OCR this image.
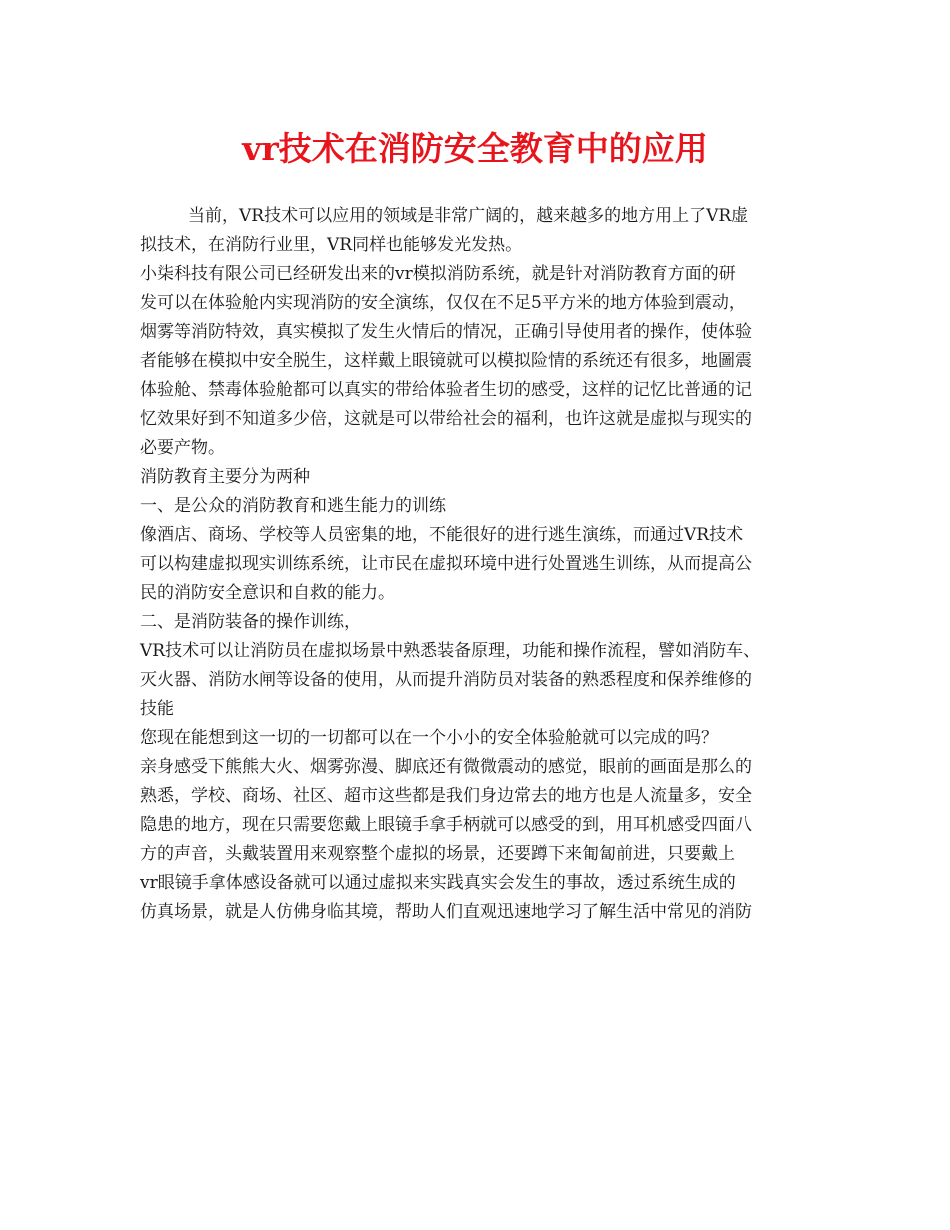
vr技术在消防安全教育中的应用
当前，VR技术可以应用的领域是非常广阔的，越来越多的地方用上了VR虚
拟技术，在消防行业里，VR同样也能够发光发热。
小柒科技有限公司已经研发出来的vr模拟消防系统，就是针对消防教育方面的研
发可以在体验舱内实现消防的安全演练，仅仅在不足5平方米的地方体验到震动，
烟雾等消防特效，真实模拟了发生火情后的情况，正确引导使用者的操作，使体验
者能够在模拟中安全脱生，这样戴上眼镜就可以模拟险情的系统还有很多，地圖震
体验舱、禁毒体验舱都可以真实的带给体验者生切的感受，这样的记忆比普通的记
忆效果好到不知道多少倍，这就是可以带给社会的福利，也许这就是虚拟与现实的
必要产物。
消防教育主要分为两种
一、是公众的消防教育和逃生能力的训练
像酒店、商场、学校等人员密集的地，不能很好的进行逃生演练，而通过VR技术
可以构建虚拟现实训练系统，让市民在虚拟环境中进行处置逃生训练，从而提高公
民的消防安全意识和自救的能力。
二、是消防装备的操作训练，
VR技术可以让消防员在虚拟场景中熟悉装备原理，功能和操作流程，譬如消防车、
灭火器、消防水闸等设备的使用，从而提升消防员对装备的熟悉程度和保养维修的
技能
您现在能想到这一切的一切都可以在一个小小的安全体验舱就可以完成的吗？
亲身感受下熊熊大火、烟雾弥漫、脚底还有微微震动的感觉，眼前的画面是那么的
熟悉，学校、商场、社区、超市这些都是我们身边常去的地方也是人流量多，安全
隐患的地方，现在只需要您戴上眼镜手拿手柄就可以感受的到，用耳机感受四面八
方的声音，头戴装置用来观察整个虚拟的场景，还要蹲下来匍匐前进，只要戴上
vr眼镜手拿体感设备就可以通过虚拟来实践真实会发生的事故，透过系统生成的
仿真场景，就是人仿佛身临其境，帮助人们直观迅速地学习了解生活中常见的消防
